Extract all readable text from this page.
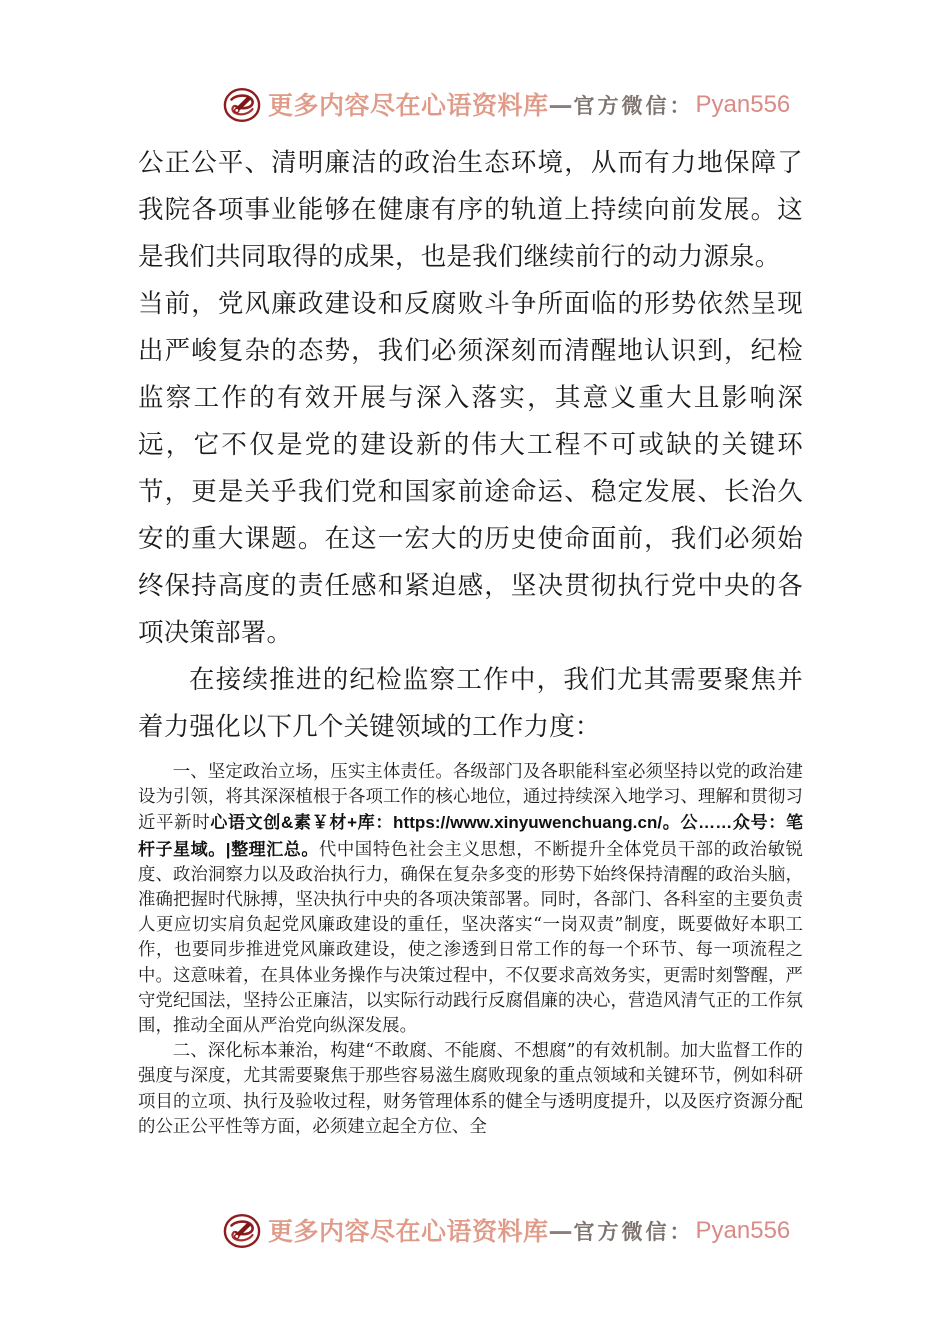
更多内容尽在心语资料库 — 官方微信： Pyan556

公正公平、清明廉洁的政治生态环境，从而有力地保障了我院各项事业能够在健康有序的轨道上持续向前发展。这是我们共同取得的成果，也是我们继续前行的动力源泉。

当前，党风廉政建设和反腐败斗争所面临的形势依然呈现出严峻复杂的态势，我们必须深刻而清醒地认识到，纪检监察工作的有效开展与深入落实，其意义重大且影响深远，它不仅是党的建设新的伟大工程不可或缺的关键环节，更是关乎我们党和国家前途命运、稳定发展、长治久安的重大课题。在这一宏大的历史使命面前，我们必须始终保持高度的责任感和紧迫感，坚决贯彻执行党中央的各项决策部署。

在接续推进的纪检监察工作中，我们尤其需要聚焦并着力强化以下几个关键领域的工作力度：

一、坚定政治立场，压实主体责任。各级部门及各职能科室必须坚持以党的政治建设为引领，将其深深植根于各项工作的核心地位，通过持续深入地学习、理解和贯彻习近平新时心语文创&素￥材+库：https://www.xinyuwenchuang.cn/。公……众号：笔杆子星域。|整理汇总。代中国特色社会主义思想，不断提升全体党员干部的政治敏锐度、政治洞察力以及政治执行力，确保在复杂多变的形势下始终保持清醒的政治头脑，准确把握时代脉搏，坚决执行中央的各项决策部署。同时，各部门、各科室的主要负责人更应切实肩负起党风廉政建设的重任，坚决落实“一岗双责”制度，既要做好本职工作，也要同步推进党风廉政建设，使之渗透到日常工作的每一个环节、每一项流程之中。这意味着，在具体业务操作与决策过程中，不仅要求高效务实，更需时刻警醒，严守党纪国法，坚持公正廉洁，以实际行动践行反腐倡廉的决心，营造风清气正的工作氛围，推动全面从严治党向纵深发展。

二、深化标本兼治，构建“不敢腐、不能腐、不想腐”的有效机制。加大监督工作的强度与深度，尤其需要聚焦于那些容易滋生腐败现象的重点领域和关键环节，例如科研项目的立项、执行及验收过程，财务管理体系的健全与透明度提升，以及医疗资源分配的公正公平性等方面，必须建立起全方位、全

更多内容尽在心语资料库 — 官方微信： Pyan556
